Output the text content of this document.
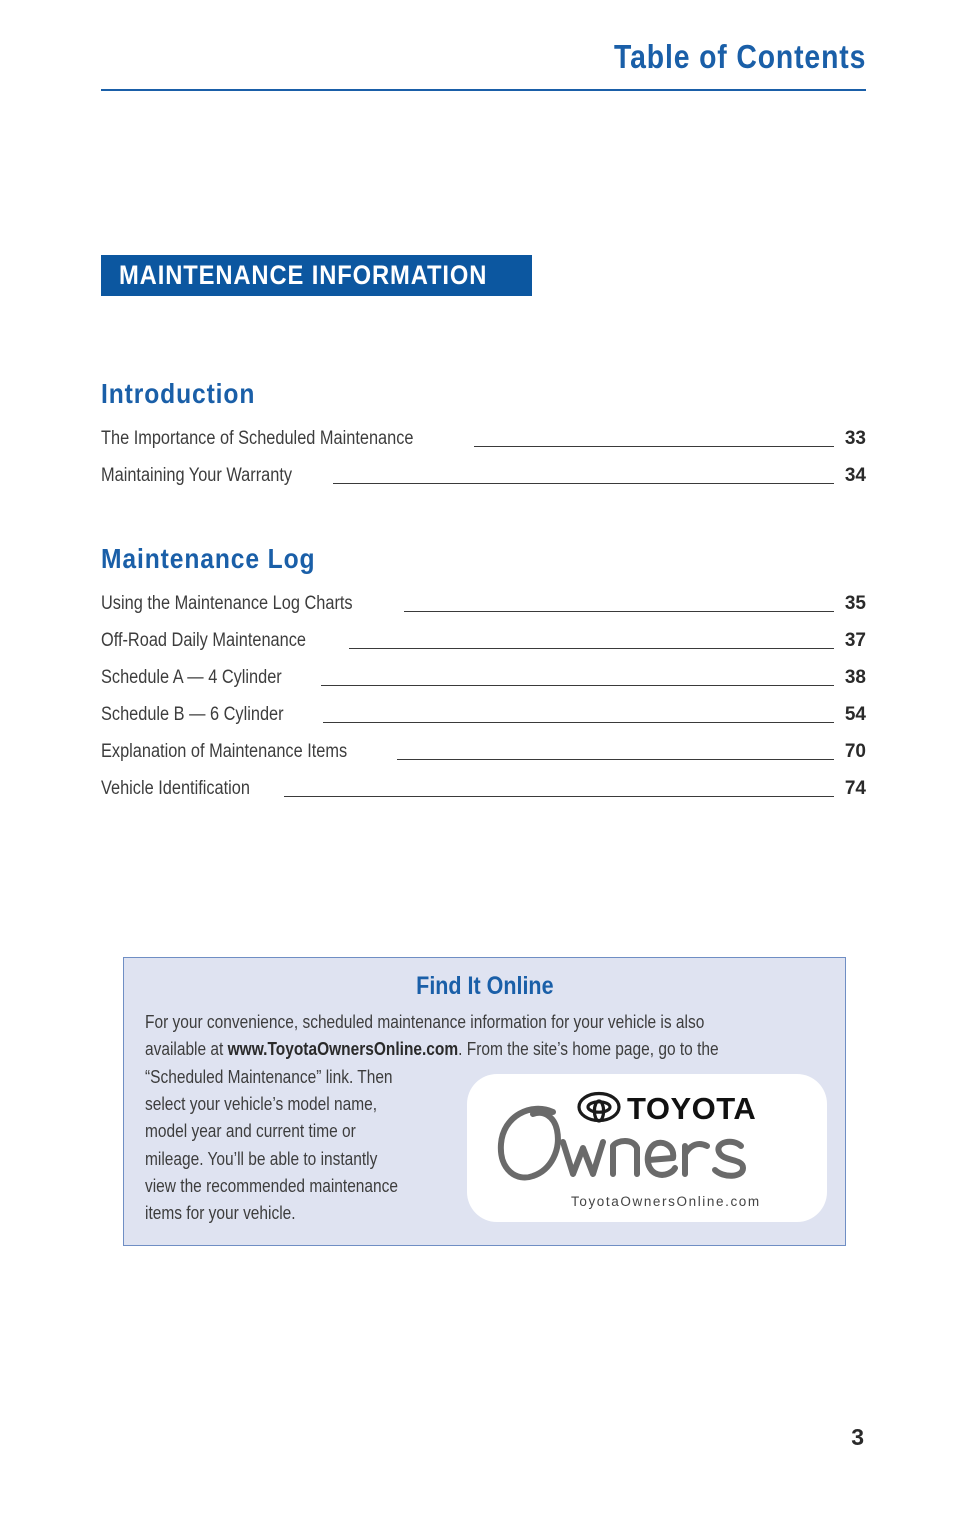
Table of Contents
MAINTENANCE INFORMATION
Introduction
The Importance of Scheduled Maintenance	33
Maintaining Your Warranty	34
Maintenance Log
Using the Maintenance Log Charts	35
Off-Road Daily Maintenance	37
Schedule A — 4 Cylinder	38
Schedule B — 6 Cylinder	54
Explanation of Maintenance Items	70
Vehicle Identification	74
Find It Online
For your convenience, scheduled maintenance information for your vehicle is also
available at www.ToyotaOwnersOnline.com. From the site’s home page, go to the
“Scheduled Maintenance” link. Then
select your vehicle’s model name,
model year and current time or
mileage. You’ll be able to instantly
view the recommended maintenance
items for your vehicle.
TOYOTA
ToyotaOwnersOnline.com
3
